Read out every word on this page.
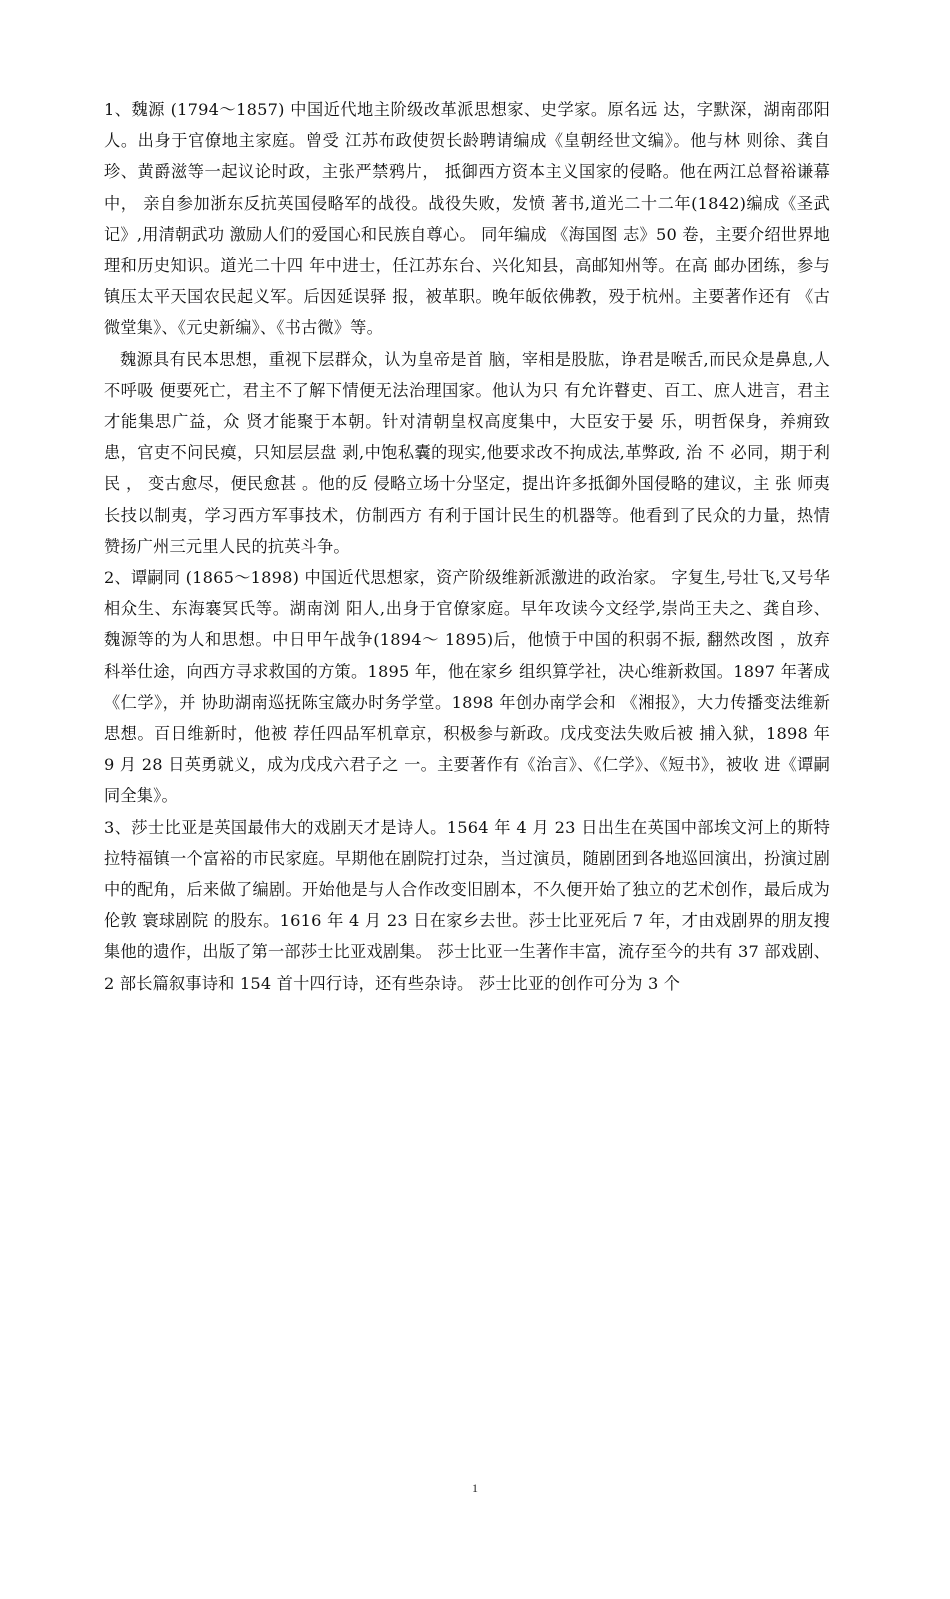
1、魏源 (1794～1857) 中国近代地主阶级改革派思想家、史学家。原名远 达，字默深，湖南邵阳人。出身于官僚地主家庭。曾受 江苏布政使贺长龄聘请编成《皇朝经世文编》。他与林 则徐、龚自珍、黄爵滋等一起议论时政，主张严禁鸦片， 抵御西方资本主义国家的侵略。他在两江总督裕谦幕中， 亲自参加浙东反抗英国侵略军的战役。战役失败，发愤 著书,道光二十二年(1842)编成《圣武记》,用清朝武功 激励人们的爱国心和民族自尊心。 同年编成 《海国图 志》50 卷，主要介绍世界地理和历史知识。道光二十四 年中进士，任江苏东台、兴化知县，高邮知州等。在高 邮办团练，参与镇压太平天国农民起义军。后因延误驿 报，被革职。晚年皈依佛教，殁于杭州。主要著作还有 《古微堂集》、《元史新编》、《书古微》等。

魏源具有民本思想，重视下层群众，认为皇帝是首 脑，宰相是股肱，诤君是喉舌,而民众是鼻息,人不呼吸 便要死亡，君主不了解下情便无法治理国家。他认为只 有允许瞽吏、百工、庶人进言，君主才能集思广益，众 贤才能聚于本朝。针对清朝皇权高度集中，大臣安于晏 乐，明哲保身，养痈致患，官吏不问民瘼，只知层层盘 剥,中饱私囊的现实,他要求改不拘成法,革弊政, 治 不 必同，期于利民 ， 变古愈尽，便民愈甚 。他的反 侵略立场十分坚定，提出许多抵御外国侵略的建议，主 张 师夷长技以制夷，学习西方军事技术，仿制西方 有利于国计民生的机器等。他看到了民众的力量，热情 赞扬广州三元里人民的抗英斗争。

2、谭嗣同 (1865～1898) 中国近代思想家，资产阶级维新派激进的政治家。 字复生,号壮飞,又号华相众生、东海褰冥氏等。湖南浏 阳人,出身于官僚家庭。早年攻读今文经学,崇尚王夫之、龚自珍、 魏源等的为人和思想。中日甲午战争(1894～ 1895)后，他愤于中国的积弱不振, 翻然改图 ，放弃 科举仕途，向西方寻求救国的方策。1895 年，他在家乡 组织算学社，决心维新救国。1897 年著成《仁学》，并 协助湖南巡抚陈宝箴办时务学堂。1898 年创办南学会和 《湘报》，大力传播变法维新思想。百日维新时，他被 荐任四品军机章京，积极参与新政。戊戌变法失败后被 捕入狱，1898 年 9 月 28 日英勇就义，成为戊戌六君子之 一。主要著作有《治言》、《仁学》、《短书》，被收 进《谭嗣同全集》。

3、莎士比亚是英国最伟大的戏剧天才是诗人。1564 年 4 月 23 日出生在英国中部埃文河上的斯特拉特福镇一个富裕的市民家庭。早期他在剧院打过杂，当过演员，随剧团到各地巡回演出，扮演过剧中的配角，后来做了编剧。开始他是与人合作改变旧剧本，不久便开始了独立的艺术创作，最后成为伦敦 寰球剧院 的股东。1616 年 4 月 23 日在家乡去世。莎士比亚死后 7 年，才由戏剧界的朋友搜集他的遗作，出版了第一部莎士比亚戏剧集。 莎士比亚一生著作丰富，流存至今的共有 37 部戏剧、2 部长篇叙事诗和 154 首十四行诗，还有些杂诗。 莎士比亚的创作可分为 3 个

1
